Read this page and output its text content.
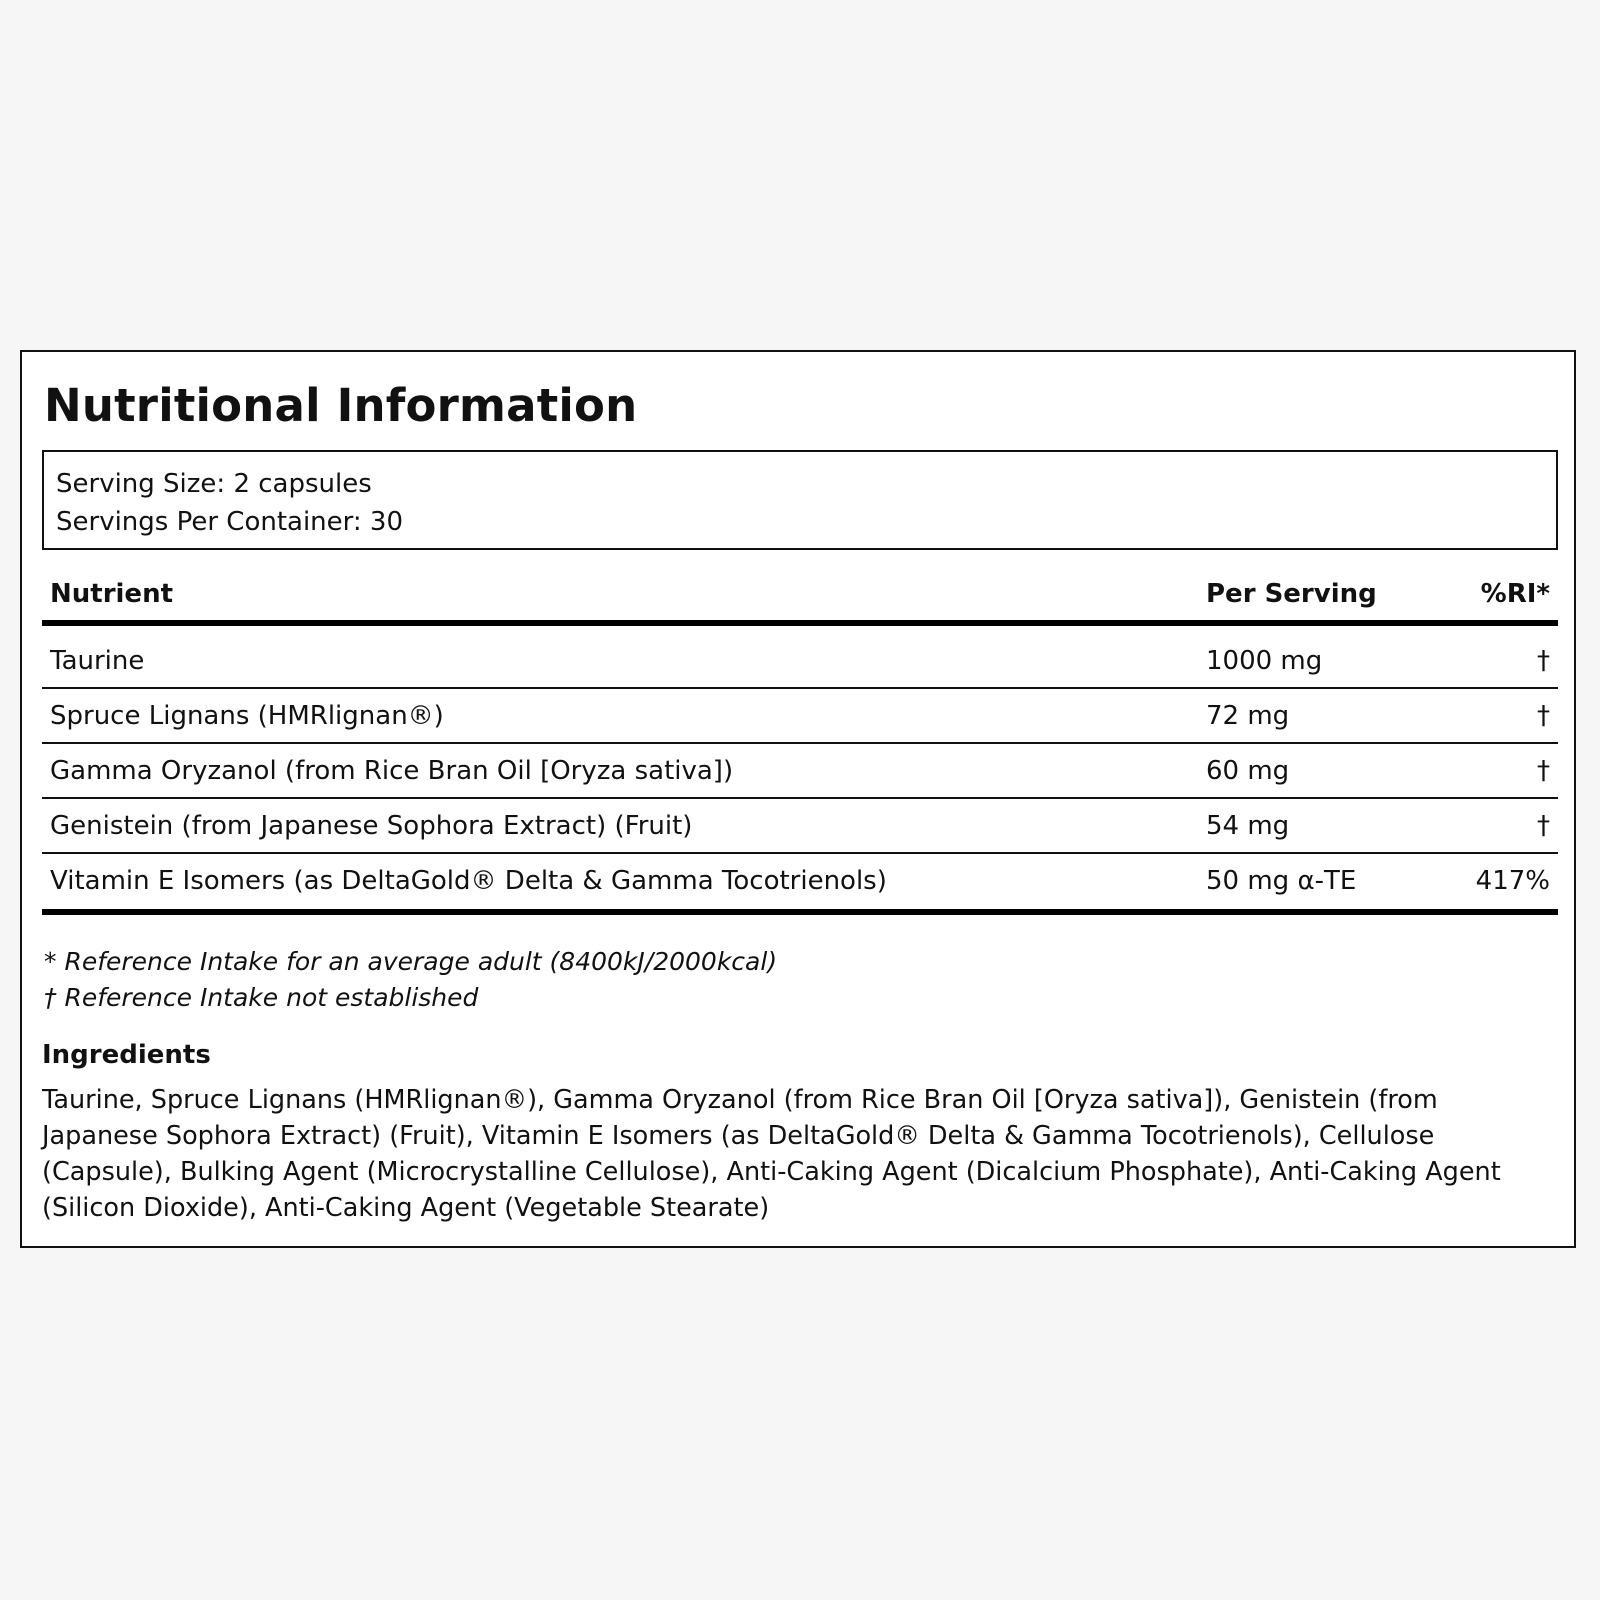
Nutritional Information
Serving Size: 2 capsules
Servings Per Container: 30
Nutrient	Per Serving	%RI*
Taurine	1000 mg	†
Spruce Lignans (HMRlignan®)	72 mg	†
Gamma Oryzanol (from Rice Bran Oil [Oryza sativa])	60 mg	†
Genistein (from Japanese Sophora Extract) (Fruit)	54 mg	†
Vitamin E Isomers (as DeltaGold® Delta & Gamma Tocotrienols)	50 mg α-TE	417%
* Reference Intake for an average adult (8400kJ/2000kcal)
† Reference Intake not established
Ingredients

Taurine, Spruce Lignans (HMRlignan®), Gamma Oryzanol (from Rice Bran Oil [Oryza sativa]), Genistein (from Japanese Sophora Extract) (Fruit), Vitamin E Isomers (as DeltaGold® Delta & Gamma Tocotrienols), Cellulose (Capsule), Bulking Agent (Microcrystalline Cellulose), Anti-Caking Agent (Dicalcium Phosphate), Anti-Caking Agent (Silicon Dioxide), Anti-Caking Agent (Vegetable Stearate)
